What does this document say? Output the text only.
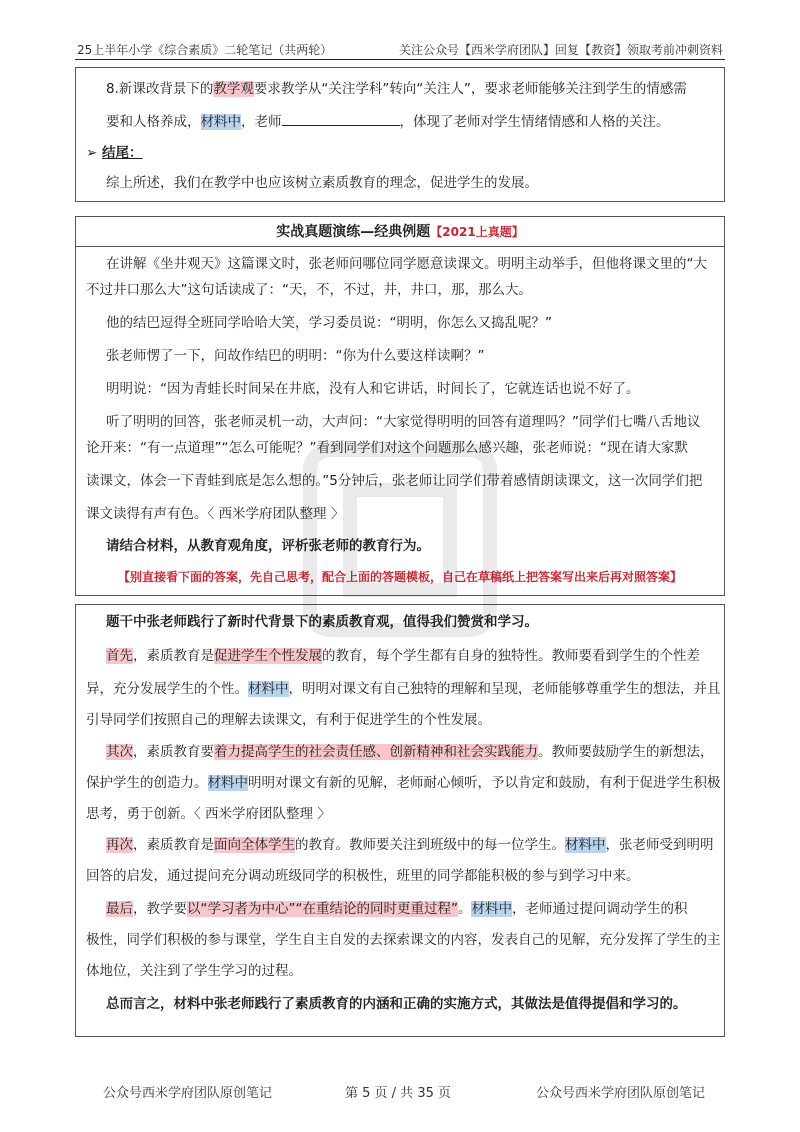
25上半年小学《综合素质》二轮笔记（共两轮）	关注公众号【西米学府团队】回复【教资】领取考前冲刺资料

8.新课改背景下的教学观要求教学从“关注学科”转向“关注人”，要求老师能够关注到学生的情感需

要和人格养成，材料中，老师	，体现了老师对学生情绪情感和人格的关注。

➢ 结尾：

综上所述，我们在教学中也应该树立素质教育的理念，促进学生的发展。

实战真题演练—经典例题【2021上真题】

在讲解《坐井观天》这篇课文时，张老师问哪位同学愿意读课文。明明主动举手，但他将课文里的“大

不过井口那么大”这句话读成了：“天，不，不过，井，井口，那，那么大。

他的结巴逗得全班同学哈哈大笑，学习委员说：“明明，你怎么又捣乱呢？”

张老师愣了一下，问故作结巴的明明：“你为什么要这样读啊？”

明明说：“因为青蛙长时间呆在井底，没有人和它讲话，时间长了，它就连话也说不好了。

听了明明的回答，张老师灵机一动，大声问：“大家觉得明明的回答有道理吗？”同学们七嘴八舌地议

论开来：“有一点道理”“怎么可能呢？”看到同学们对这个问题那么感兴趣，张老师说：“现在请大家默

读课文，体会一下青蛙到底是怎么想的。”5分钟后，张老师让同学们带着感情朗读课文，这一次同学们把

课文读得有声有色。〈 西米学府团队整理 〉

请结合材料，从教育观角度，评析张老师的教育行为。

【别直接看下面的答案，先自己思考，配合上面的答题模板，自己在草稿纸上把答案写出来后再对照答案】

题干中张老师践行了新时代背景下的素质教育观，值得我们赞赏和学习。

首先，素质教育是促进学生个性发展的教育，每个学生都有自身的独特性。教师要看到学生的个性差

异，充分发展学生的个性。材料中，明明对课文有自己独特的理解和呈现，老师能够尊重学生的想法，并且

引导同学们按照自己的理解去读课文，有利于促进学生的个性发展。

其次，素质教育要着力提高学生的社会责任感、创新精神和社会实践能力。教师要鼓励学生的新想法，

保护学生的创造力。材料中明明对课文有新的见解，老师耐心倾听，予以肯定和鼓励，有利于促进学生积极

思考，勇于创新。〈 西米学府团队整理 〉

再次，素质教育是面向全体学生的教育。教师要关注到班级中的每一位学生。材料中，张老师受到明明

回答的启发，通过提问充分调动班级同学的积极性，班里的同学都能积极的参与到学习中来。

最后，教学要以“学习者为中心”“在重结论的同时更重过程”。材料中，老师通过提问调动学生的积

极性，同学们积极的参与课堂，学生自主自发的去探索课文的内容，发表自己的见解，充分发挥了学生的主

体地位，关注到了学生学习的过程。

总而言之，材料中张老师践行了素质教育的内涵和正确的实施方式，其做法是值得提倡和学习的。

公众号西米学府团队原创笔记	第 5 页 / 共 35 页	公众号西米学府团队原创笔记
